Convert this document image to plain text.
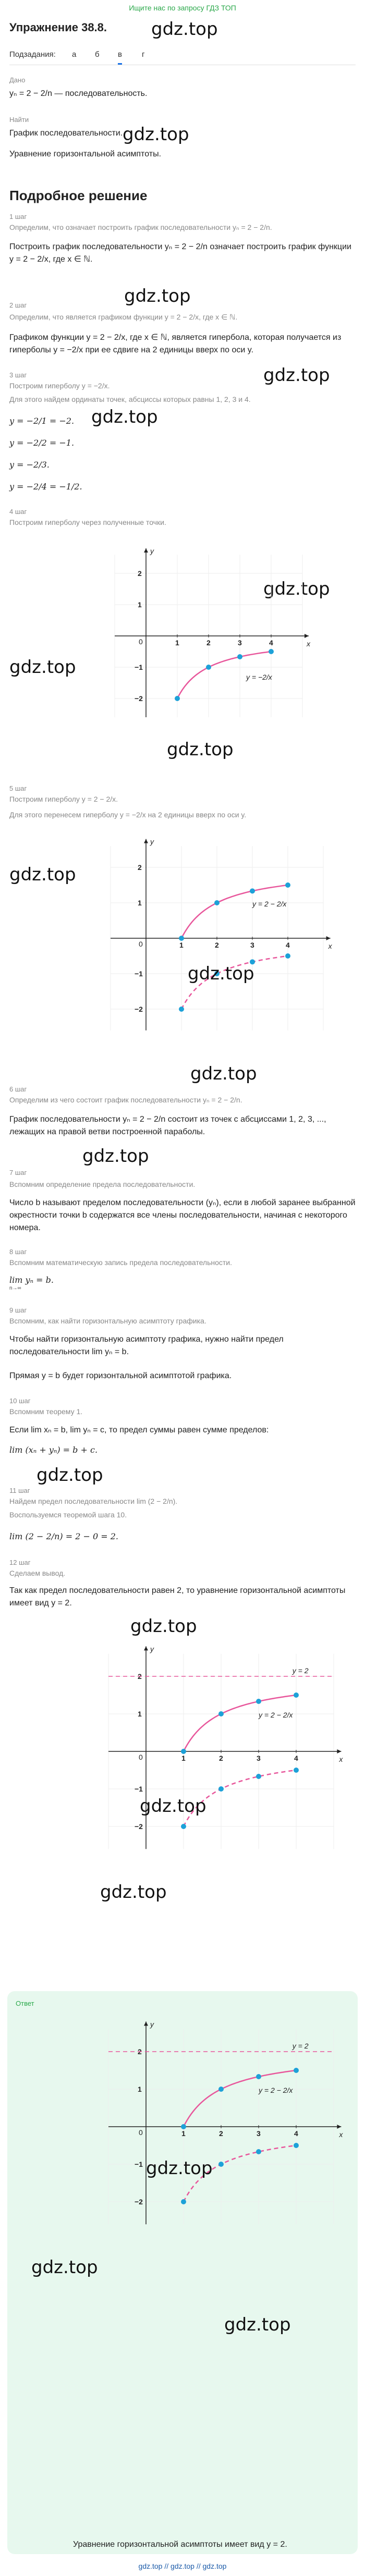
Ищите нас по запросу ГДЗ ТОП
Упражнение 38.8. gdz.top
Подзадания: а б в	г
Дано
yₙ = 2 − 2/n — последовательность.
Найти
График последовательности. gdz.top
Уравнение горизонтальной асимптоты.
Подробное решение
1 шаг
Определим, что означает построить график последовательности yₙ = 2 − 2/n.
Построить график последовательности yₙ = 2 − 2/n означает построить график функции y = 2 − 2/x, где x ∈ ℕ.
gdz.top
2 шаг
Определим, что является графиком функции y = 2 − 2/x, где x ∈ ℕ.
Графиком функции y = 2 − 2/x, где x ∈ ℕ, является гипербола, которая получается из гиперболы y = −2/x при ее сдвиге на 2 единицы вверх по оси y.
gdz.top
3 шаг
Построим гиперболу y = −2/x.
Для этого найдем ординаты точек, абсциссы которых равны 1, 2, 3 и 4.
gdz.top
y = −2/1 = −2.
y = −2/2 = −1.
y = −2/3.
y = −2/4 = −1/2.
4 шаг
Построим гиперболу через полученные точки.
gdz.top
x
y
0	1	2	3	4
1
2
−1
−2
y = −2/x
gdz.top
gdz.top
5 шаг
Построим гиперболу y = 2 − 2/x.
Для этого перенесем гиперболу y = −2/x на 2 единицы вверх по оси y.
x
y
0	1	2	3	4
1
2
−1
−2
y = 2 − 2/x
gdz.top
gdz.top
gdz.top
6 шаг
Определим из чего состоит график последовательности yₙ = 2 − 2/n.
График последовательности yₙ = 2 − 2/n состоит из точек с абсциссами 1, 2, 3, ..., лежащих на правой ветви построенной параболы.
gdz.top
7 шаг
Вспомним определение предела последовательности.
Число b называют пределом последовательности (yₙ), если в любой заранее выбранной окрестности точки b содержатся все члены последовательности, начиная с некоторого номера.
8 шаг
Вспомним математическую запись предела последовательности.
lim yₙ = b.
n→∞
9 шаг
Вспомним, как найти горизонтальную асимптоту графика.
Чтобы найти горизонтальную асимптоту графика, нужно найти предел последовательности lim yₙ = b.
Прямая y = b будет горизонтальной асимптотой графика.
10 шаг
Вспомним теорему 1.
Если lim xₙ = b, lim yₙ = c, то предел суммы равен сумме пределов:
lim (xₙ + yₙ) = b + c.
gdz.top
11 шаг
Найдем предел последовательности lim (2 − 2/n).
Воспользуемся теоремой шага 10.
lim (2 − 2/n) = 2 − 0 = 2.
12 шаг
Сделаем вывод.
Так как предел последовательности равен 2, то уравнение горизонтальной асимптоты имеет вид y = 2.
gdz.top
x
y
0	1	2	3	4
1
2
−1
−2
y = 2
y = 2 − 2/x
gdz.top
gdz.top
Ответ
x
y
0	1	2	3	4
1
2
−1
−2
y = 2
y = 2 − 2/x
gdz.top
gdz.top
gdz.top
Уравнение горизонтальной асимптоты имеет вид y = 2.
gdz.top // gdz.top // gdz.top
